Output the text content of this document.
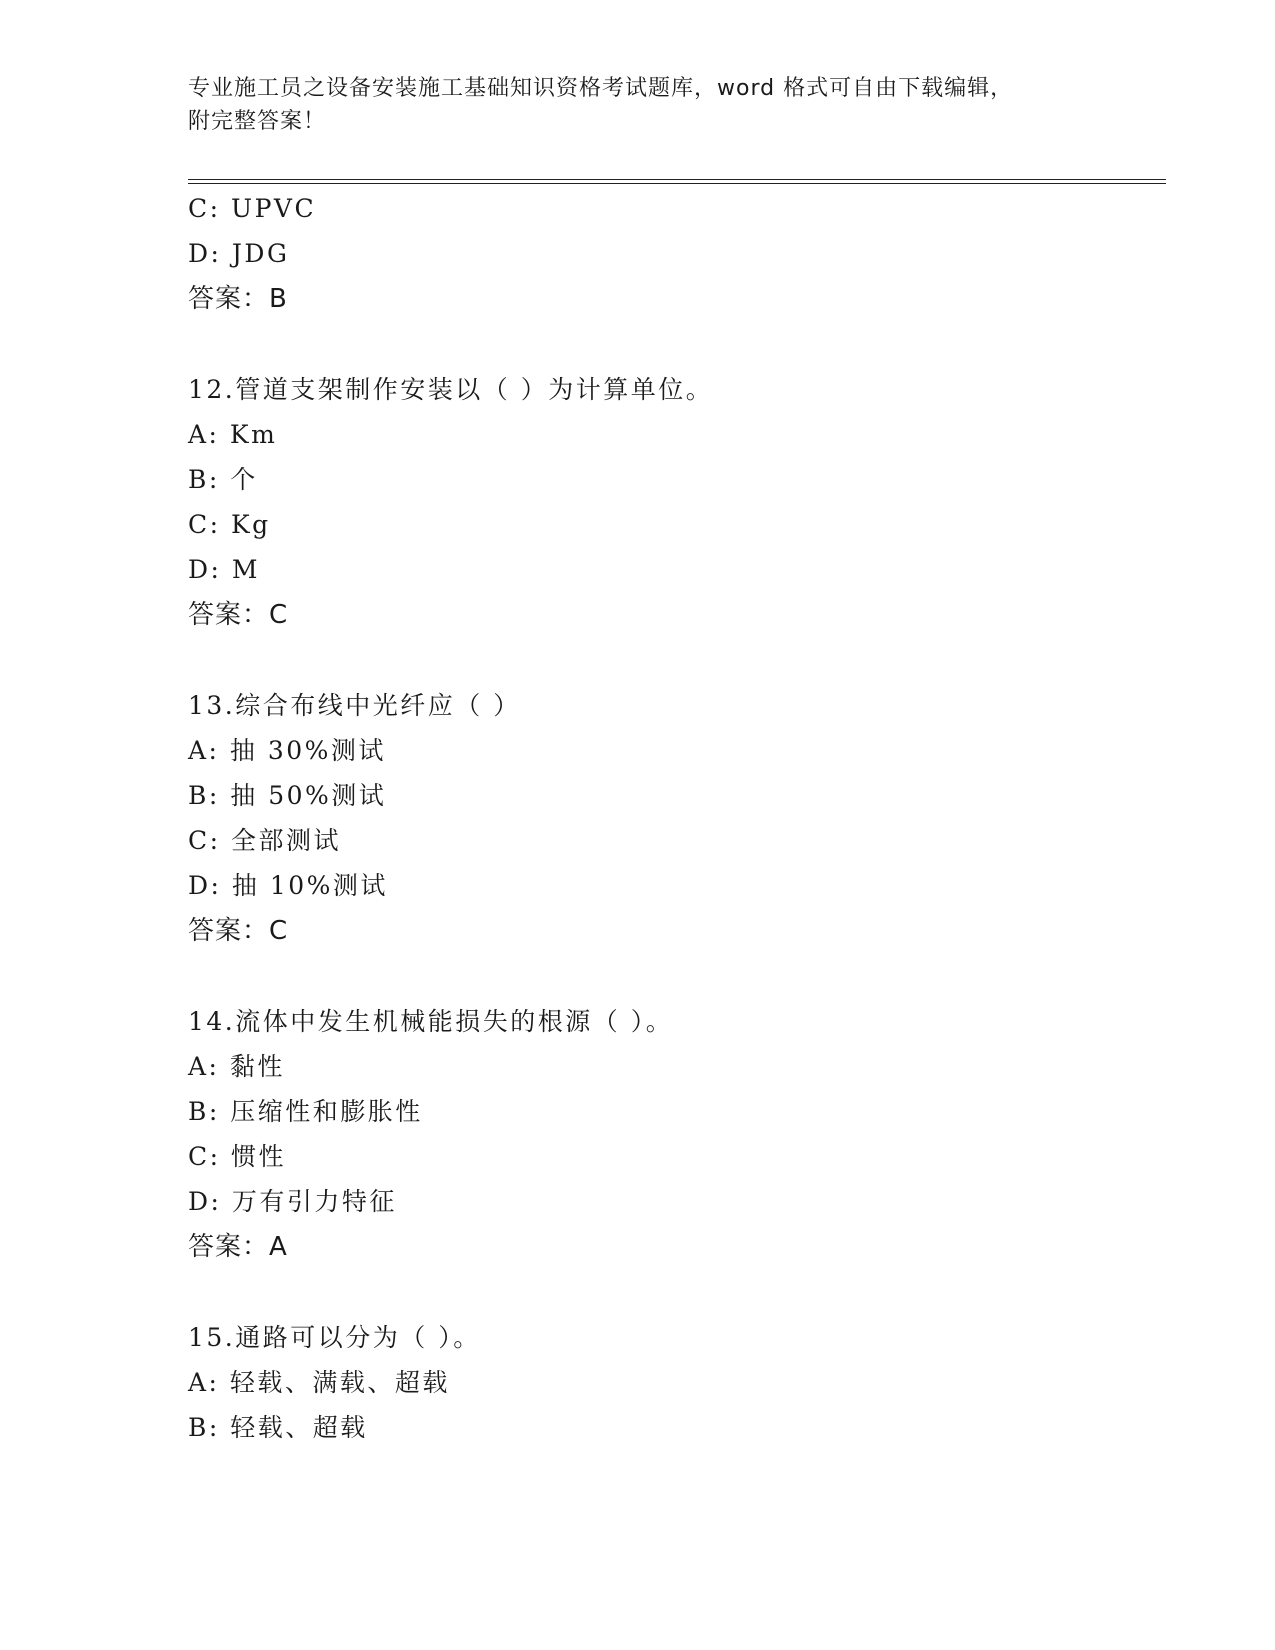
专业施工员之设备安装施工基础知识资格考试题库，word 格式可自由下载编辑，
附完整答案！
C: UPVC
D: JDG
答案：B
12.管道支架制作安装以（ ）为计算单位。
A: Km
B: 个
C: Kg
D: M
答案：C
13.综合布线中光纤应（ ）
A: 抽 30%测试
B: 抽 50%测试
C: 全部测试
D: 抽 10%测试
答案：C
14.流体中发生机械能损失的根源（ ）。
A: 黏性
B: 压缩性和膨胀性
C: 惯性
D: 万有引力特征
答案：A
15.通路可以分为（ ）。
A: 轻载、满载、超载
B: 轻载、超载
